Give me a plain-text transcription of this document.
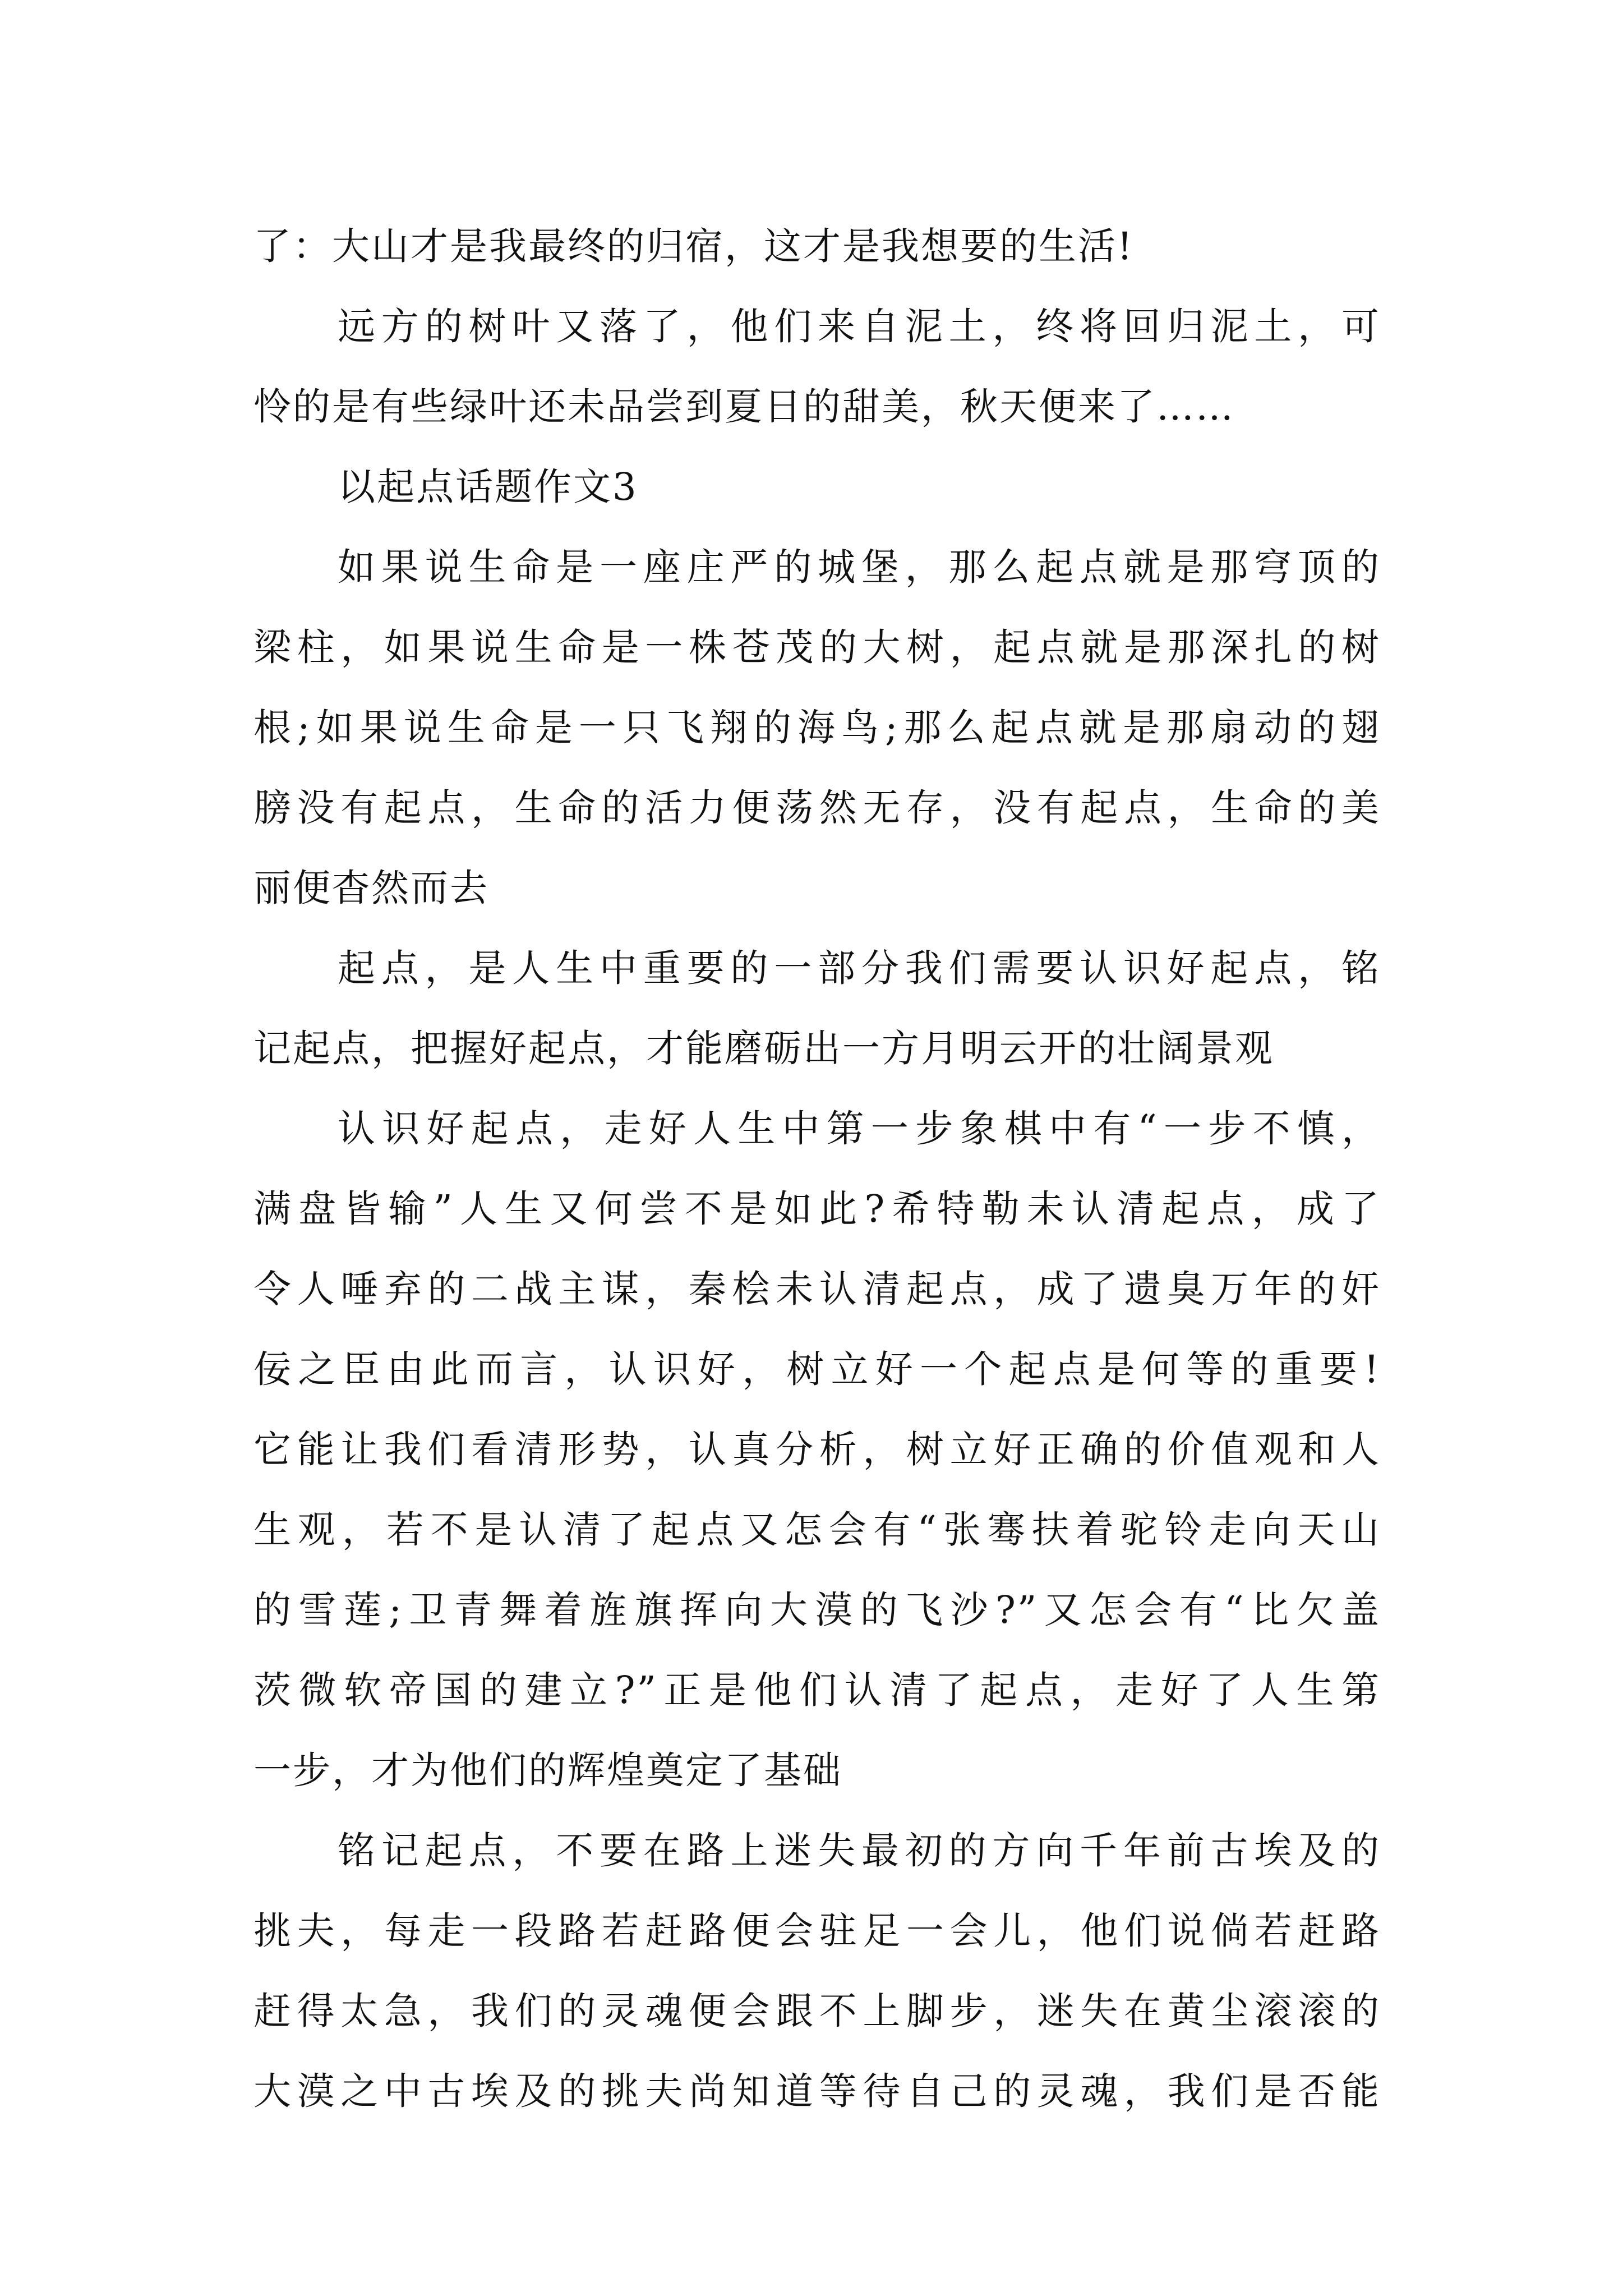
了：大山才是我最终的归宿，这才是我想要的生活!
远方的树叶又落了，他们来自泥土，终将回归泥土，可
怜的是有些绿叶还未品尝到夏日的甜美，秋天便来了……
以起点话题作文3
如果说生命是一座庄严的城堡，那么起点就是那穹顶的
梁柱，如果说生命是一株苍茂的大树，起点就是那深扎的树
根;如果说生命是一只飞翔的海鸟;那么起点就是那扇动的翅
膀没有起点，生命的活力便荡然无存，没有起点，生命的美
丽便杳然而去
起点，是人生中重要的一部分我们需要认识好起点，铭
记起点，把握好起点，才能磨砺出一方月明云开的壮阔景观
认识好起点，走好人生中第一步象棋中有“一步不慎，
满盘皆输”人生又何尝不是如此?希特勒未认清起点，成了
令人唾弃的二战主谋，秦桧未认清起点，成了遗臭万年的奸
佞之臣由此而言，认识好，树立好一个起点是何等的重要!
它能让我们看清形势，认真分析，树立好正确的价值观和人
生观，若不是认清了起点又怎会有“张骞扶着驼铃走向天山
的雪莲;卫青舞着旌旗挥向大漠的飞沙?”又怎会有“比欠盖
茨微软帝国的建立?”正是他们认清了起点，走好了人生第
一步，才为他们的辉煌奠定了基础
铭记起点，不要在路上迷失最初的方向千年前古埃及的
挑夫，每走一段路若赶路便会驻足一会儿，他们说倘若赶路
赶得太急，我们的灵魂便会跟不上脚步，迷失在黄尘滚滚的
大漠之中古埃及的挑夫尚知道等待自己的灵魂，我们是否能
